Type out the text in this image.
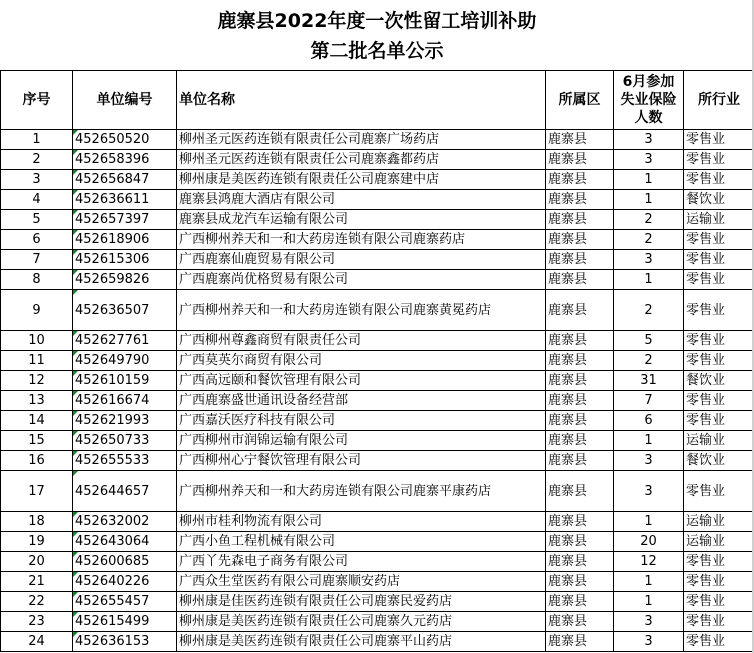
鹿寨县2022年度一次性留工培训补助
第二批名单公示
序号	单位编号	单位名称	所属区	6月参加失业保险人数	所行业
1	452650520	柳州圣元医药连锁有限责任公司鹿寨广场药店	鹿寨县	3	零售业
2	452658396	柳州圣元医药连锁有限责任公司鹿寨鑫都药店	鹿寨县	3	零售业
3	452656847	柳州康是美医药连锁有限责任公司鹿寨建中店	鹿寨县	1	零售业
4	452636611	鹿寨县鸿鹿大酒店有限公司	鹿寨县	1	餐饮业
5	452657397	鹿寨县成龙汽车运输有限公司	鹿寨县	2	运输业
6	452618906	广西柳州养天和一和大药房连锁有限公司鹿寨药店	鹿寨县	2	零售业
7	452615306	广西鹿寨仙鹿贸易有限公司	鹿寨县	3	零售业
8	452659826	广西鹿寨尚优格贸易有限公司	鹿寨县	1	零售业
9	452636507	广西柳州养天和一和大药房连锁有限公司鹿寨黄冕药店	鹿寨县	2	零售业
10	452627761	广西柳州尊鑫商贸有限责任公司	鹿寨县	5	零售业
11	452649790	广西莫英尔商贸有限公司	鹿寨县	2	零售业
12	452610159	广西高远颐和餐饮管理有限公司	鹿寨县	31	餐饮业
13	452616674	广西鹿寨盛世通讯设备经营部	鹿寨县	7	零售业
14	452621993	广西嘉沃医疗科技有限公司	鹿寨县	6	零售业
15	452650733	广西柳州市润锦运输有限公司	鹿寨县	1	运输业
16	452655533	广西柳州心宁餐饮管理有限公司	鹿寨县	3	餐饮业
17	452644657	广西柳州养天和一和大药房连锁有限公司鹿寨平康药店	鹿寨县	3	零售业
18	452632002	柳州市桂利物流有限公司	鹿寨县	1	运输业
19	452643064	广西小鱼工程机械有限公司	鹿寨县	20	运输业
20	452600685	广西丫先森电子商务有限公司	鹿寨县	12	零售业
21	452640226	广西众生堂医药有限公司鹿寨顺安药店	鹿寨县	1	零售业
22	452655457	柳州康是佳医药连锁有限责任公司鹿寨民爱药店	鹿寨县	1	零售业
23	452615499	柳州康是美医药连锁有限责任公司鹿寨久元药店	鹿寨县	3	零售业
24	452636153	柳州康是美医药连锁有限责任公司鹿寨平山药店	鹿寨县	3	零售业
